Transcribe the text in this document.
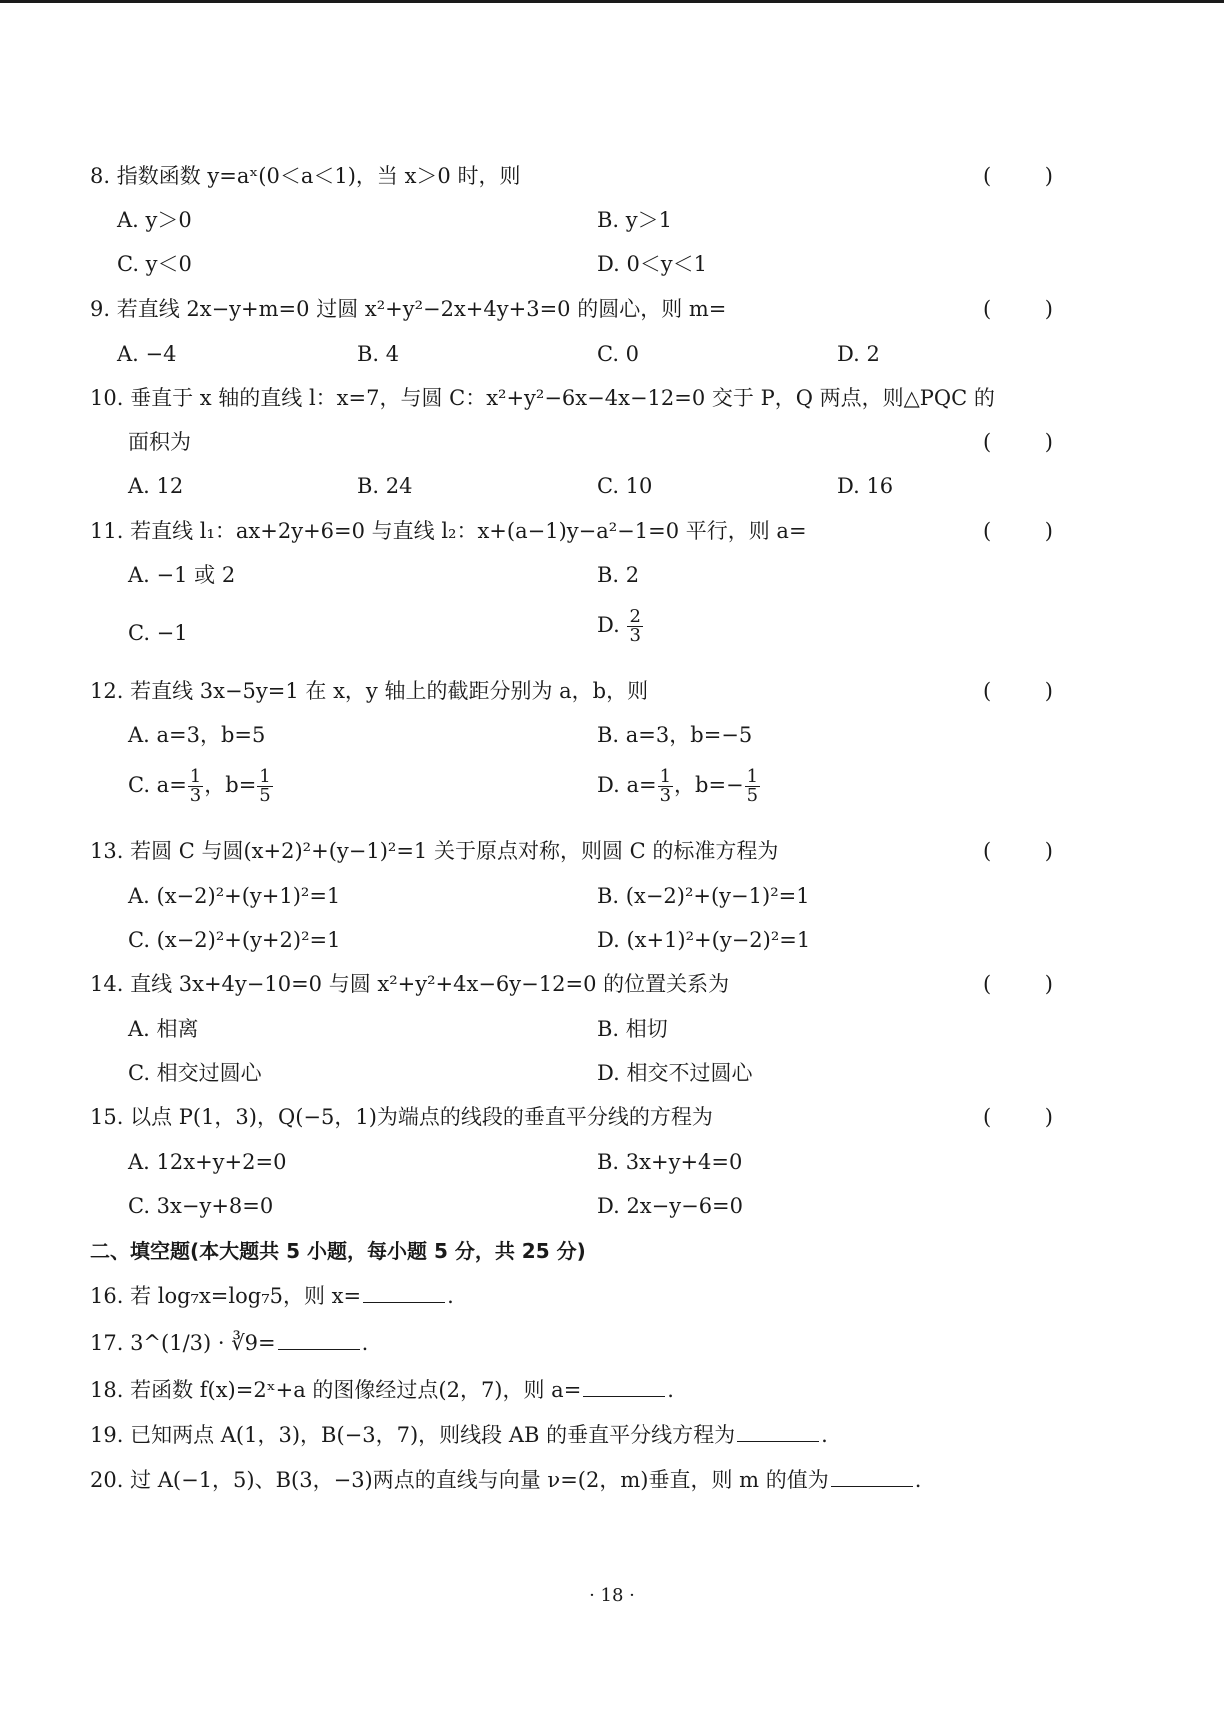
8. 指数函数 y=aˣ(0＜a＜1)，当 x＞0 时，则	(	)
A. y＞0	B. y＞1
C. y＜0	D. 0＜y＜1
9. 若直线 2x−y+m=0 过圆 x²+y²−2x+4y+3=0 的圆心，则 m=	(	)
A. −4	B. 4	C. 0	D. 2
10. 垂直于 x 轴的直线 l：x=7，与圆 C：x²+y²−6x−4x−12=0 交于 P，Q 两点，则△PQC 的
面积为	(	)
A. 12	B. 24	C. 10	D. 16
11. 若直线 l₁：ax+2y+6=0 与直线 l₂：x+(a−1)y−a²−1=0 平行，则 a=	(	)
A. −1 或 2	B. 2
C. −1	D. $\frac{2}{3}$
12. 若直线 3x−5y=1 在 x，y 轴上的截距分别为 a，b，则	(	)
A. a=3，b=5	B. a=3，b=−5
C. $a= \frac{1}{3}$ ，$b= \frac{1}{5}$	D. $a= \frac{1}{3}$ ，$b=- \frac{1}{5}$
13. 若圆 C 与圆(x+2)²+(y−1)²=1 关于原点对称，则圆 C 的标准方程为	(	)
A. (x−2)²+(y+1)²=1	B. (x−2)²+(y−1)²=1
C. (x−2)²+(y+2)²=1	D. (x+1)²+(y−2)²=1
14. 直线 3x+4y−10=0 与圆 x²+y²+4x−6y−12=0 的位置关系为	(	)
A. 相离	B. 相切
C. 相交过圆心	D. 相交不过圆心
15. 以点 P(1，3)，Q(−5，1)为端点的线段的垂直平分线的方程为	(	)
A. 12x+y+2=0	B. 3x+y+4=0
C. 3x−y+8=0	D. 2x−y−6=0
二、填空题(本大题共 5 小题，每小题 5 分，共 25 分)
16. 若 log₇x=log₇5，则 x=	.
17. 3^(1/3) · ∛9=	.
18. 若函数 f(x)=2ˣ+a 的图像经过点(2，7)，则 a=	.
19. 已知两点 A(1，3)，B(−3，7)，则线段 AB 的垂直平分线方程为	.
20. 过 A(−1，5)、B(3，−3)两点的直线与向量 ν=(2，m)垂直，则 m 的值为	.
· 18 ·
